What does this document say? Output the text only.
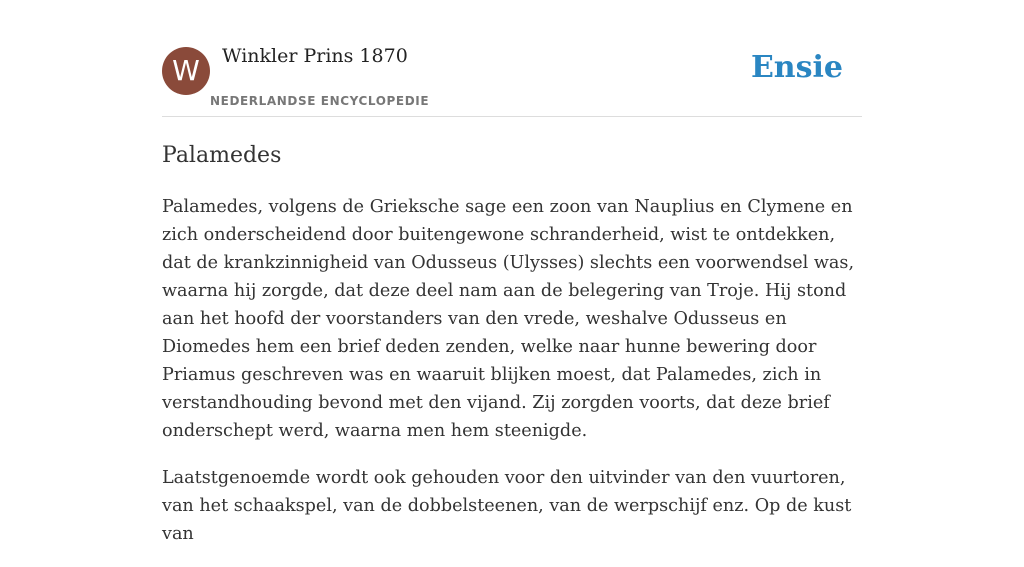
W	Winkler Prins 1870
NEDERLANDSE ENCYCLOPEDIE
Ensie
Palamedes

Palamedes, volgens de Grieksche sage een zoon van Nauplius en Clymene en zich onderscheidend door buitengewone schranderheid, wist te ontdekken, dat de krankzinnigheid van Odusseus (Ulysses) slechts een voorwendsel was, waarna hij zorgde, dat deze deel nam aan de belegering van Troje. Hij stond aan het hoofd der voorstanders van den vrede, weshalve Odusseus en Diomedes hem een brief deden zenden, welke naar hunne bewering door Priamus geschreven was en waaruit blijken moest, dat Palamedes, zich in verstandhouding bevond met den vijand. Zij zorgden voorts, dat deze brief onderschept werd, waarna men hem steenigde.

Laatstgenoemde wordt ook gehouden voor den uitvinder van den vuurtoren, van het schaakspel, van de dobbelsteenen, van de werpschijf enz. Op de kust van
